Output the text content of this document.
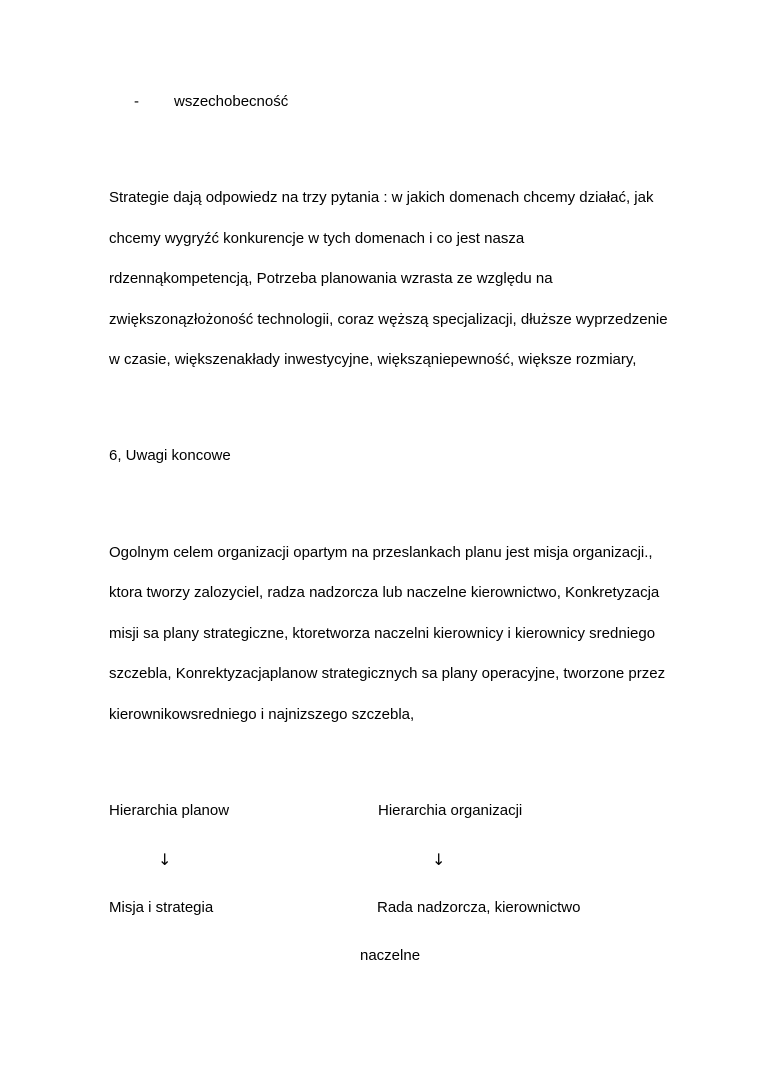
- wszechobecność
Strategie dają odpowiedz na trzy pytania : w jakich domenach chcemy działać, jak
chcemy wygryźć konkurencje w tych domenach i co jest nasza
rdzennąkompetencją, Potrzeba planowania wzrasta ze względu na
zwiększonązłożoność technologii, coraz węższą specjalizacji, dłuższe wyprzedzenie
w czasie, większenakłady inwestycyjne, większąniepewność, większe rozmiary,
6, Uwagi koncowe
Ogolnym celem organizacji opartym na przeslankach planu jest misja organizacji.,
ktora tworzy zalozyciel, radza nadzorcza lub naczelne kierownictwo, Konkretyzacja
misji sa plany strategiczne, ktoretworza naczelni kierownicy i kierownicy sredniego
szczebla, Konrektyzacjaplanow strategicznych sa plany operacyjne, tworzone przez
kierownikowsredniego i najnizszego szczebla,
Hierarchia planow	Hierarchia organizacji
↓	↓
Misja i strategia	Rada nadzorcza, kierownictwo
naczelne
